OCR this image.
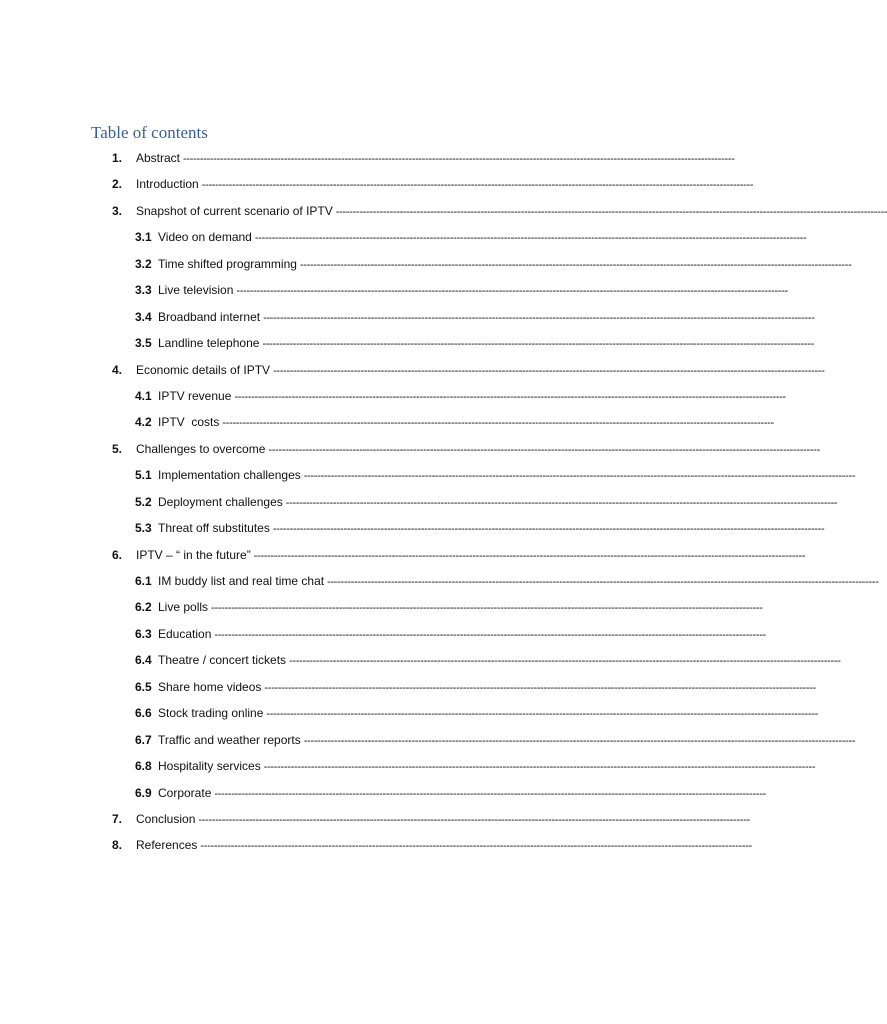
Table of contents
1. Abstract --------------------------------------------------------------------------------------------------------------------------------------------------------------------
2. Introduction --------------------------------------------------------------------------------------------------------------------------------------------------------------------
3. Snapshot of current scenario of IPTV --------------------------------------------------------------------------------------------------------------------------------------------------------------------
3.1 Video on demand --------------------------------------------------------------------------------------------------------------------------------------------------------------------
3.2 Time shifted programming --------------------------------------------------------------------------------------------------------------------------------------------------------------------
3.3 Live television --------------------------------------------------------------------------------------------------------------------------------------------------------------------
3.4 Broadband internet --------------------------------------------------------------------------------------------------------------------------------------------------------------------
3.5 Landline telephone --------------------------------------------------------------------------------------------------------------------------------------------------------------------
4. Economic details of IPTV --------------------------------------------------------------------------------------------------------------------------------------------------------------------
4.1 IPTV revenue --------------------------------------------------------------------------------------------------------------------------------------------------------------------
4.2 IPTV  costs --------------------------------------------------------------------------------------------------------------------------------------------------------------------
5. Challenges to overcome --------------------------------------------------------------------------------------------------------------------------------------------------------------------
5.1 Implementation challenges --------------------------------------------------------------------------------------------------------------------------------------------------------------------
5.2 Deployment challenges --------------------------------------------------------------------------------------------------------------------------------------------------------------------
5.3 Threat off substitutes --------------------------------------------------------------------------------------------------------------------------------------------------------------------
6. IPTV – “ in the future” --------------------------------------------------------------------------------------------------------------------------------------------------------------------
6.1 IM buddy list and real time chat --------------------------------------------------------------------------------------------------------------------------------------------------------------------
6.2 Live polls --------------------------------------------------------------------------------------------------------------------------------------------------------------------
6.3 Education --------------------------------------------------------------------------------------------------------------------------------------------------------------------
6.4 Theatre / concert tickets --------------------------------------------------------------------------------------------------------------------------------------------------------------------
6.5 Share home videos --------------------------------------------------------------------------------------------------------------------------------------------------------------------
6.6 Stock trading online --------------------------------------------------------------------------------------------------------------------------------------------------------------------
6.7 Traffic and weather reports --------------------------------------------------------------------------------------------------------------------------------------------------------------------
6.8 Hospitality services --------------------------------------------------------------------------------------------------------------------------------------------------------------------
6.9 Corporate --------------------------------------------------------------------------------------------------------------------------------------------------------------------
7. Conclusion --------------------------------------------------------------------------------------------------------------------------------------------------------------------
8. References --------------------------------------------------------------------------------------------------------------------------------------------------------------------
